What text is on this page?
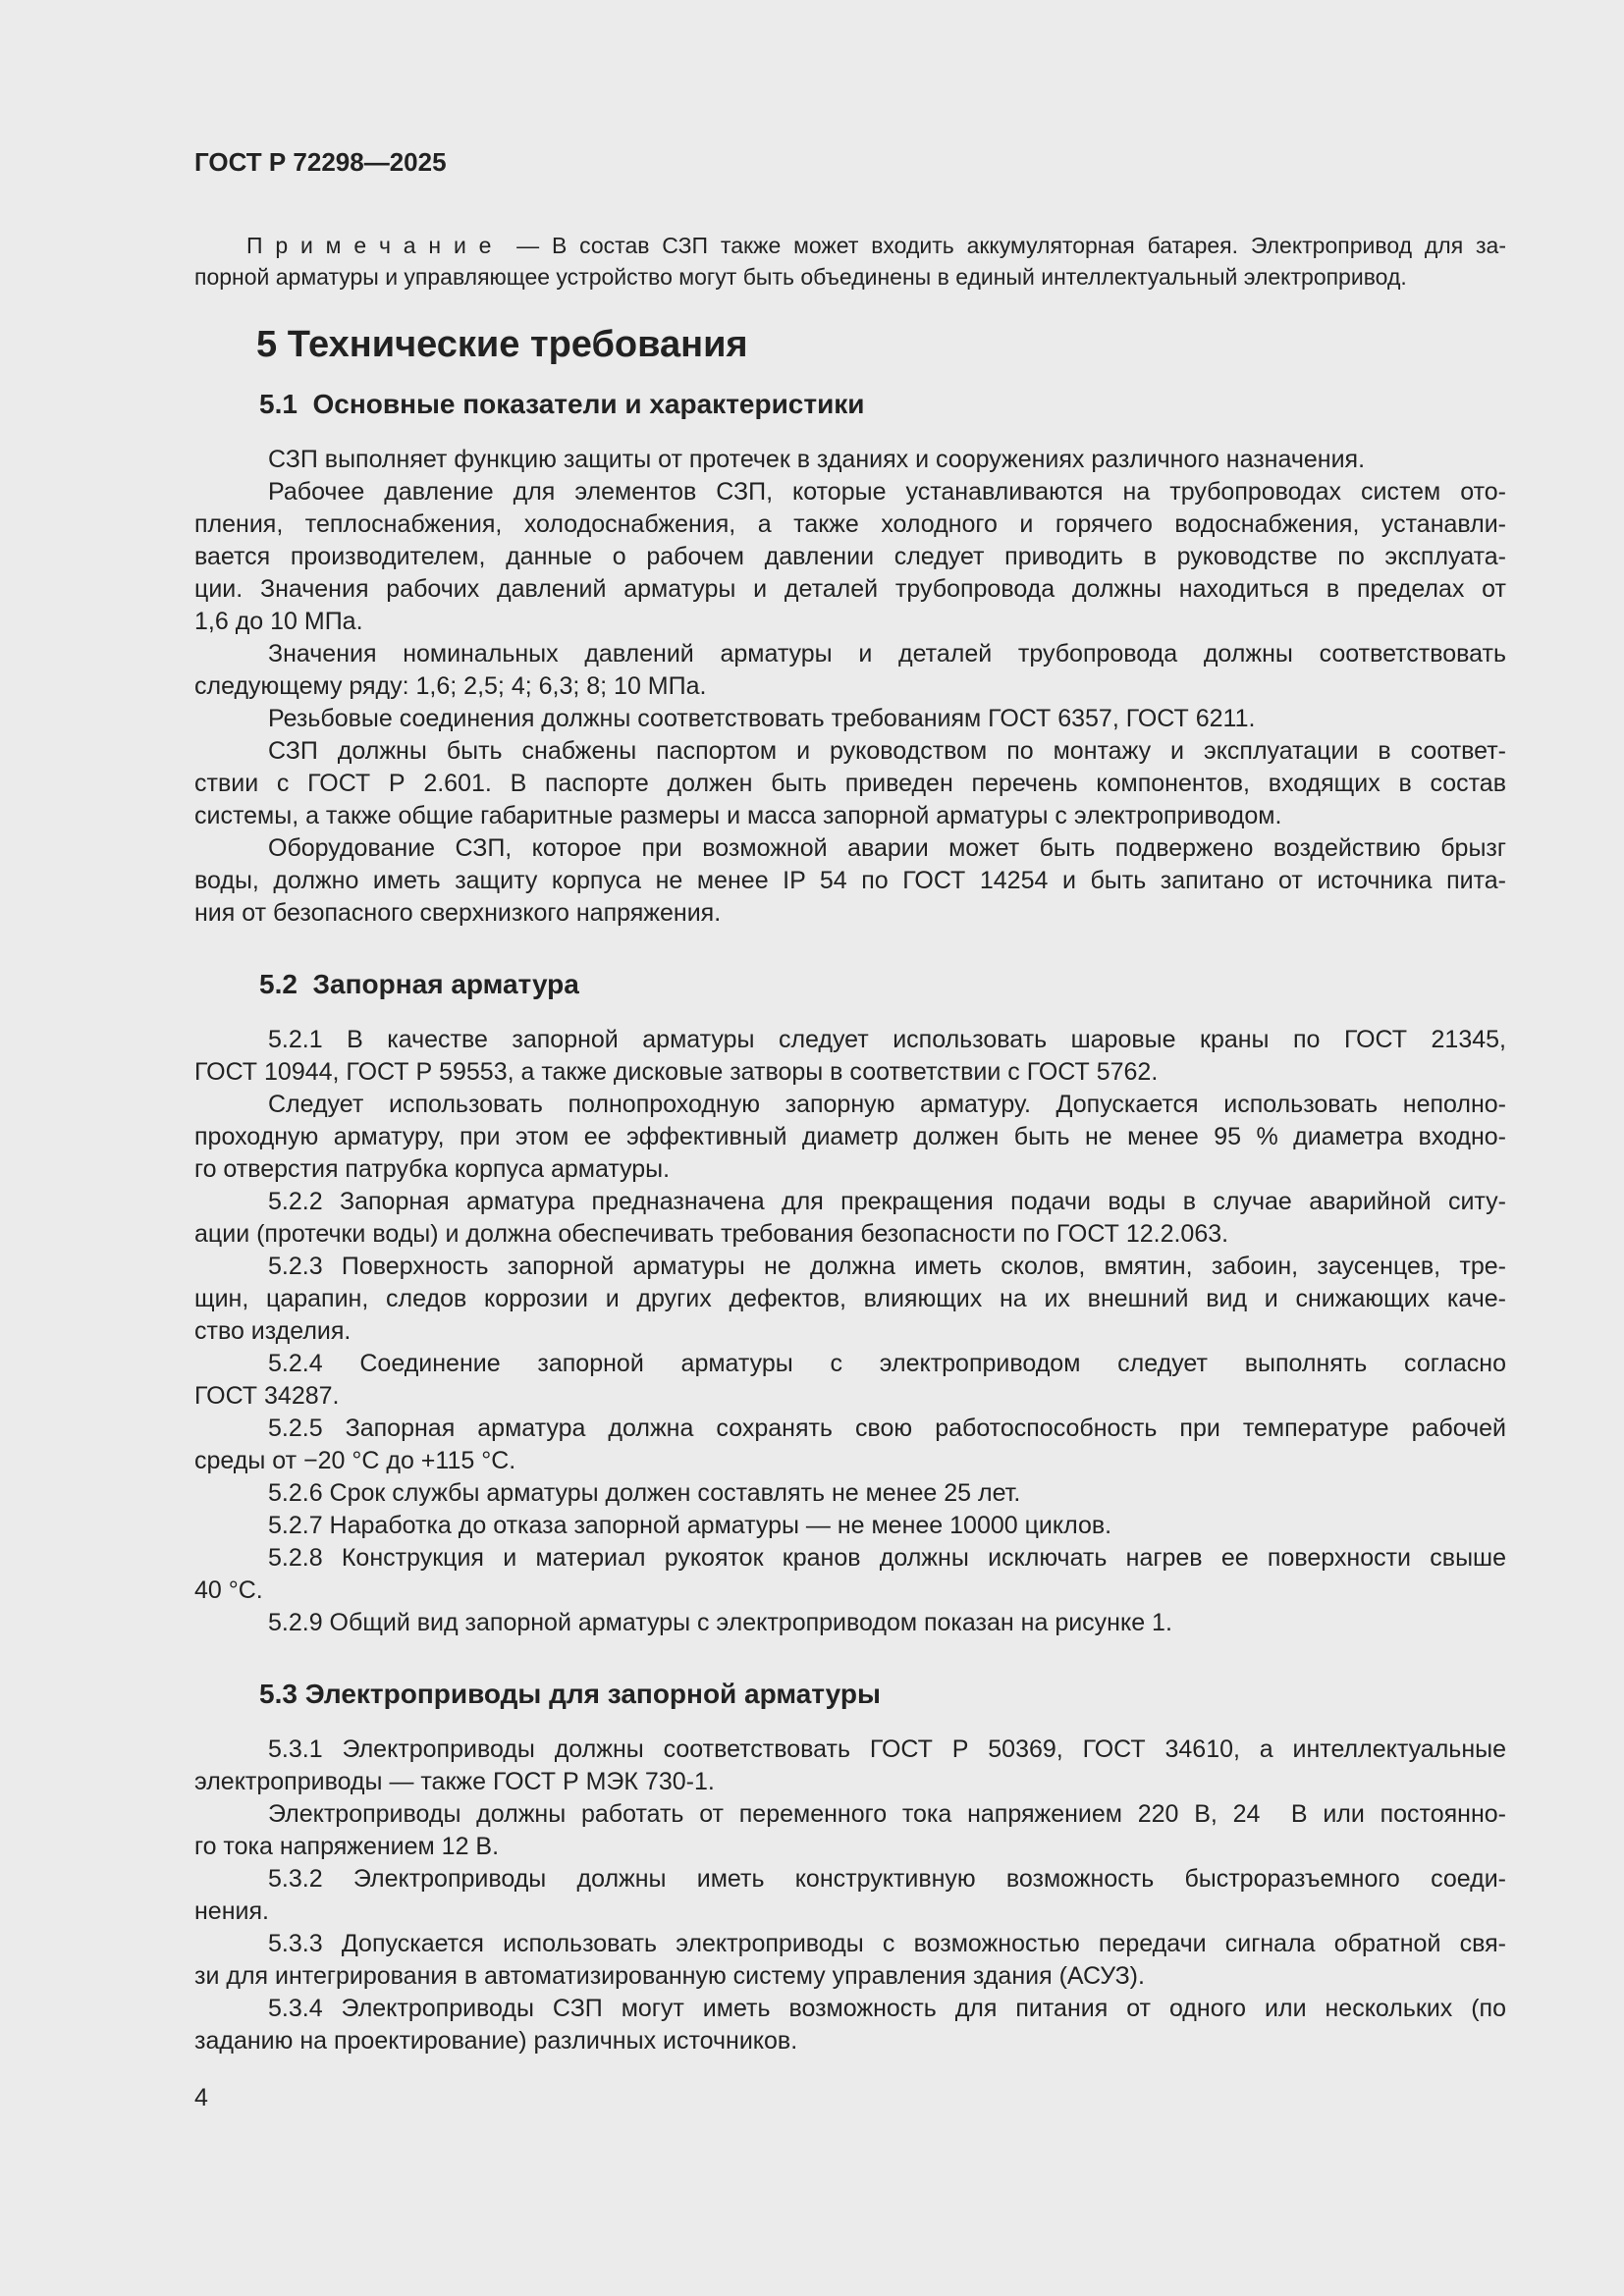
ГОСТ Р 72298—2025
П р и м е ч а н и е  — В состав СЗП также может входить аккумуляторная батарея. Электропривод для за-
порной арматуры и управляющее устройство могут быть объединены в единый интеллектуальный электропривод.
5 Технические требования
5.1  Основные показатели и характеристики
СЗП выполняет функцию защиты от протечек в зданиях и сооружениях различного назначения.
Рабочее давление для элементов СЗП, которые устанавливаются на трубопроводах систем ото-
пления, теплоснабжения, холодоснабжения, а также холодного и горячего водоснабжения, устанавли-
вается производителем, данные о рабочем давлении следует приводить в руководстве по эксплуата-
ции. Значения рабочих давлений арматуры и деталей трубопровода должны находиться в пределах от
1,6 до 10 МПа.
Значения номинальных давлений арматуры и деталей трубопровода должны соответствовать
следующему ряду: 1,6; 2,5; 4; 6,3; 8; 10 МПа.
Резьбовые соединения должны соответствовать требованиям ГОСТ 6357, ГОСТ 6211.
СЗП должны быть снабжены паспортом и руководством по монтажу и эксплуатации в соответ-
ствии с ГОСТ Р 2.601. В паспорте должен быть приведен перечень компонентов, входящих в состав
системы, а также общие габаритные размеры и масса запорной арматуры с электроприводом.
Оборудование СЗП, которое при возможной аварии может быть подвержено воздействию брызг
воды, должно иметь защиту корпуса не менее IP 54 по ГОСТ 14254 и быть запитано от источника пита-
ния от безопасного сверхнизкого напряжения.
5.2  Запорная арматура
5.2.1 В качестве запорной арматуры следует использовать шаровые краны по ГОСТ 21345,
ГОСТ 10944, ГОСТ Р 59553, а также дисковые затворы в соответствии с ГОСТ 5762.
Следует использовать полнопроходную запорную арматуру. Допускается использовать неполно-
проходную арматуру, при этом ее эффективный диаметр должен быть не менее 95 % диаметра входно-
го отверстия патрубка корпуса арматуры.
5.2.2 Запорная арматура предназначена для прекращения подачи воды в случае аварийной ситу-
ации (протечки воды) и должна обеспечивать требования безопасности по ГОСТ 12.2.063.
5.2.3 Поверхность запорной арматуры не должна иметь сколов, вмятин, забоин, заусенцев, тре-
щин, царапин, следов коррозии и других дефектов, влияющих на их внешний вид и снижающих каче-
ство изделия.
5.2.4 Соединение запорной арматуры с электроприводом следует выполнять согласно
ГОСТ 34287.
5.2.5 Запорная арматура должна сохранять свою работоспособность при температуре рабочей
среды от −20 °С до +115 °С.
5.2.6 Срок службы арматуры должен составлять не менее 25 лет.
5.2.7 Наработка до отказа запорной арматуры — не менее 10000 циклов.
5.2.8 Конструкция и материал рукояток кранов должны исключать нагрев ее поверхности свыше
40 °С.
5.2.9 Общий вид запорной арматуры с электроприводом показан на рисунке 1.
5.3 Электроприводы для запорной арматуры
5.3.1 Электроприводы должны соответствовать ГОСТ Р 50369, ГОСТ 34610, а интеллектуальные
электроприводы — также ГОСТ Р МЭК 730-1.
Электроприводы должны работать от переменного тока напряжением 220 В, 24  В или постоянно-
го тока напряжением 12 В.
5.3.2 Электроприводы должны иметь конструктивную возможность быстроразъемного соеди-
нения.
5.3.3 Допускается использовать электроприводы с возможностью передачи сигнала обратной свя-
зи для интегрирования в автоматизированную систему управления здания (АСУЗ).
5.3.4 Электроприводы СЗП могут иметь возможность для питания от одного или нескольких (по
заданию на проектирование) различных источников.
4
